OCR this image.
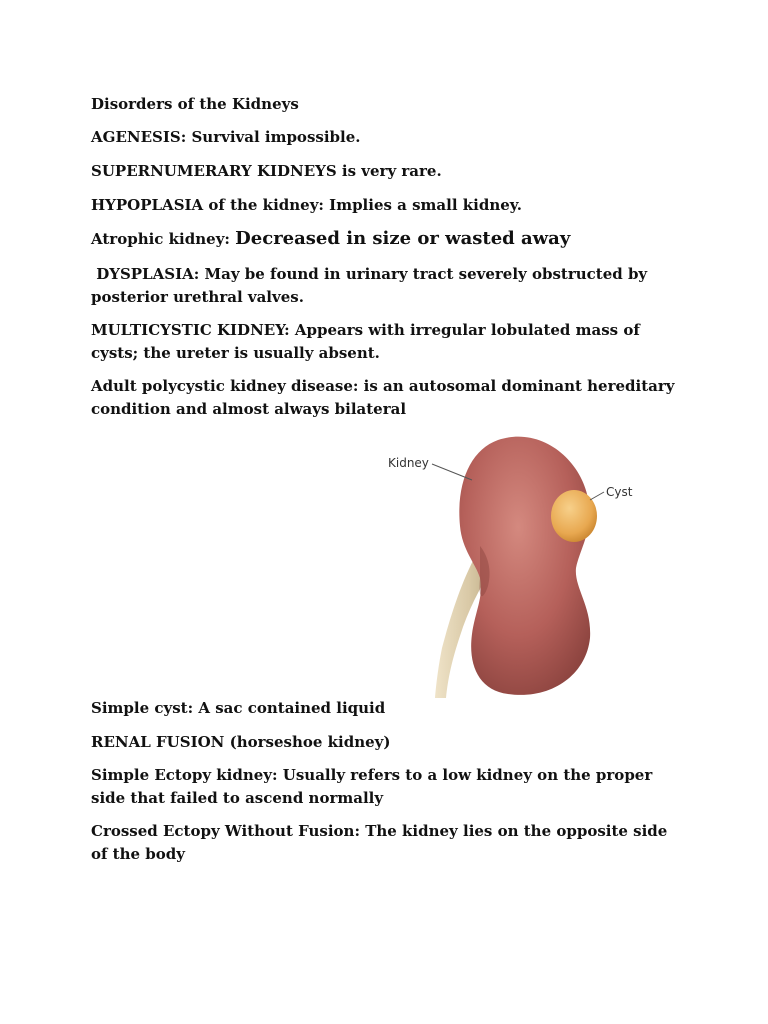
Disorders of the Kidneys

AGENESIS: Survival impossible.

SUPERNUMERARY KIDNEYS is very rare.

HYPOPLASIA of the kidney: Implies a small kidney.

Atrophic kidney: Decreased in size or wasted away

DYSPLASIA: May be found in urinary tract severely obstructed by posterior urethral valves.

MULTICYSTIC KIDNEY: Appears with irregular lobulated mass of cysts; the ureter is usually absent.

Adult polycystic kidney disease: is an autosomal dominant hereditary condition and almost always bilateral

Kidney
Cyst

Simple cyst: A sac contained liquid

RENAL FUSION (horseshoe kidney)

Simple Ectopy kidney: Usually refers to a low kidney on the proper side that failed to ascend normally

Crossed Ectopy Without Fusion: The kidney lies on the opposite side of the body
